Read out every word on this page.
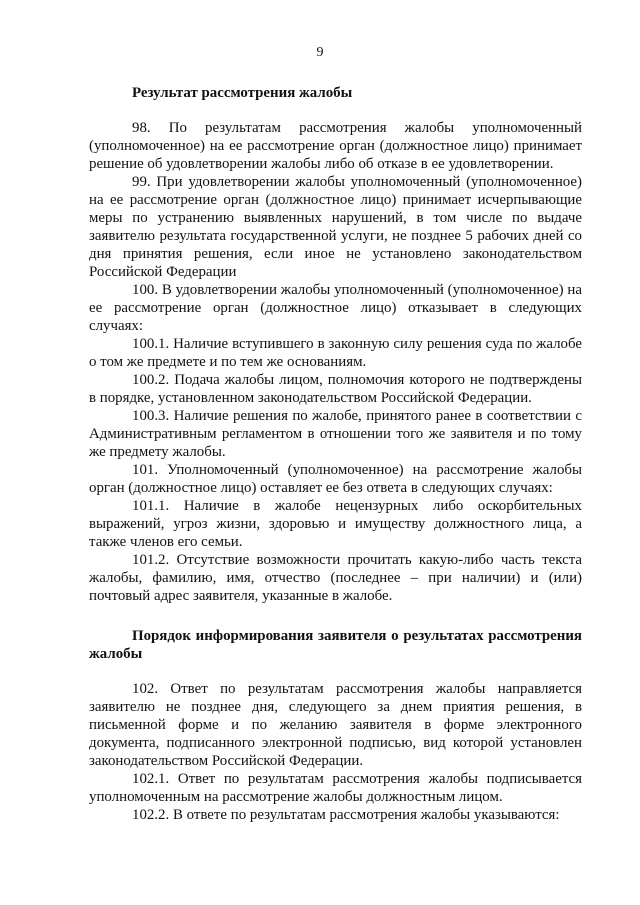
9

Результат рассмотрения жалобы

98. По результатам рассмотрения жалобы уполномоченный (уполномоченное) на ее рассмотрение орган (должностное лицо) принимает решение об удовлетворении жалобы либо об отказе в ее удовлетворении.

99. При удовлетворении жалобы уполномоченный (уполномоченное) на ее рассмотрение орган (должностное лицо) принимает исчерпывающие меры по устранению выявленных нарушений, в том числе по выдаче заявителю результата государственной услуги, не позднее 5 рабочих дней со дня принятия решения, если иное не установлено законодательством Российской Федерации

100. В удовлетворении жалобы уполномоченный (уполномоченное) на ее рассмотрение орган (должностное лицо) отказывает в следующих случаях:

100.1. Наличие вступившего в законную силу решения суда по жалобе о том же предмете и по тем же основаниям.

100.2. Подача жалобы лицом, полномочия которого не подтверждены в порядке, установленном законодательством Российской Федерации.

100.3. Наличие решения по жалобе, принятого ранее в соответствии с Административным регламентом в отношении того же заявителя и по тому же предмету жалобы.

101. Уполномоченный (уполномоченное) на рассмотрение жалобы орган (должностное лицо) оставляет ее без ответа в следующих случаях:

101.1. Наличие в жалобе нецензурных либо оскорбительных выражений, угроз жизни, здоровью и имуществу должностного лица, а также членов его семьи.

101.2. Отсутствие возможности прочитать какую-либо часть текста жалобы, фамилию, имя, отчество (последнее – при наличии) и (или) почтовый адрес заявителя, указанные в жалобе.

Порядок информирования заявителя о результатах рассмотрения жалобы

102. Ответ по результатам рассмотрения жалобы направляется заявителю не позднее дня, следующего за днем приятия решения, в письменной форме и по желанию заявителя в форме электронного документа, подписанного электронной подписью, вид которой установлен законодательством Российской Федерации.

102.1. Ответ по результатам рассмотрения жалобы подписывается уполномоченным на рассмотрение жалобы должностным лицом.

102.2. В ответе по результатам рассмотрения жалобы указываются:
